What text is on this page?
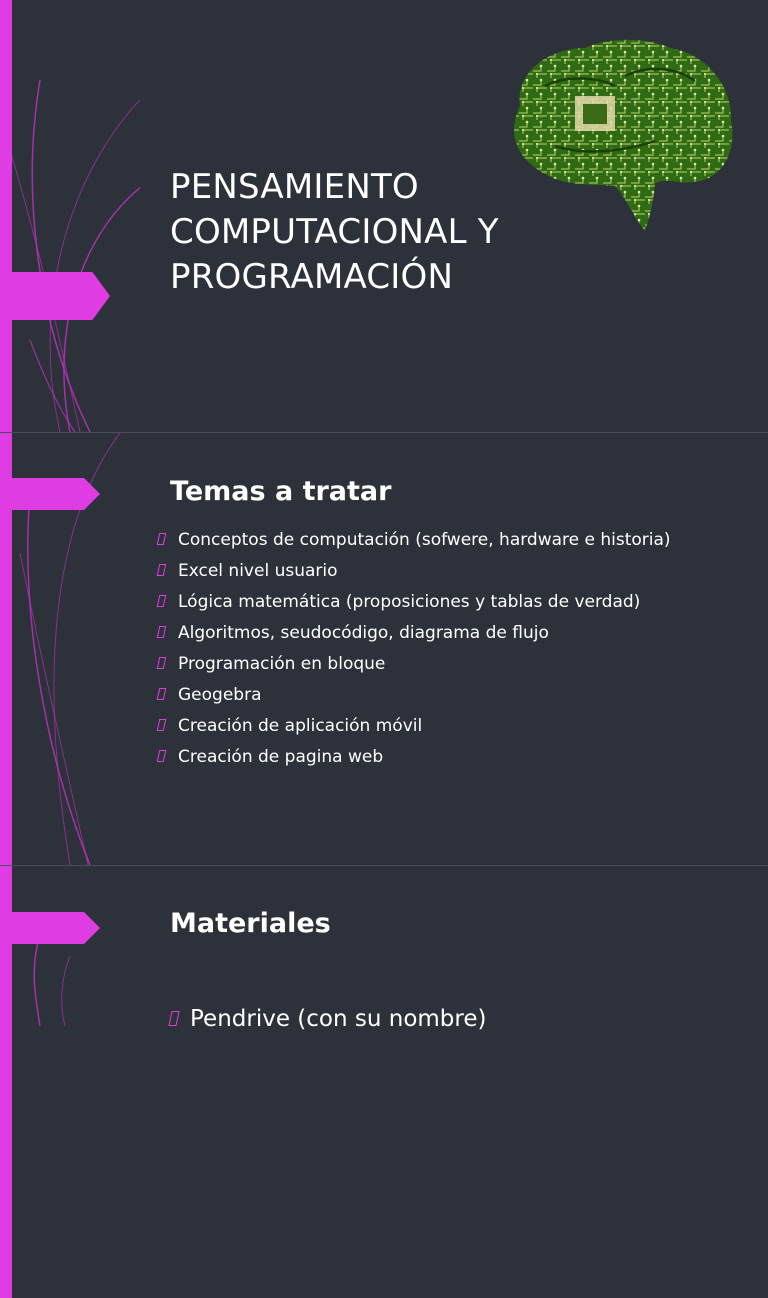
PENSAMIENTO
COMPUTACIONAL Y
PROGRAMACIÓN
Temas a tratar
Conceptos de computación (sofwere, hardware e historia)
Excel nivel usuario
Lógica matemática (proposiciones y tablas de verdad)
Algoritmos, seudocódigo, diagrama de flujo
Programación en bloque
Geogebra
Creación de aplicación móvil
Creación de pagina web
Materiales
Pendrive (con su nombre)
